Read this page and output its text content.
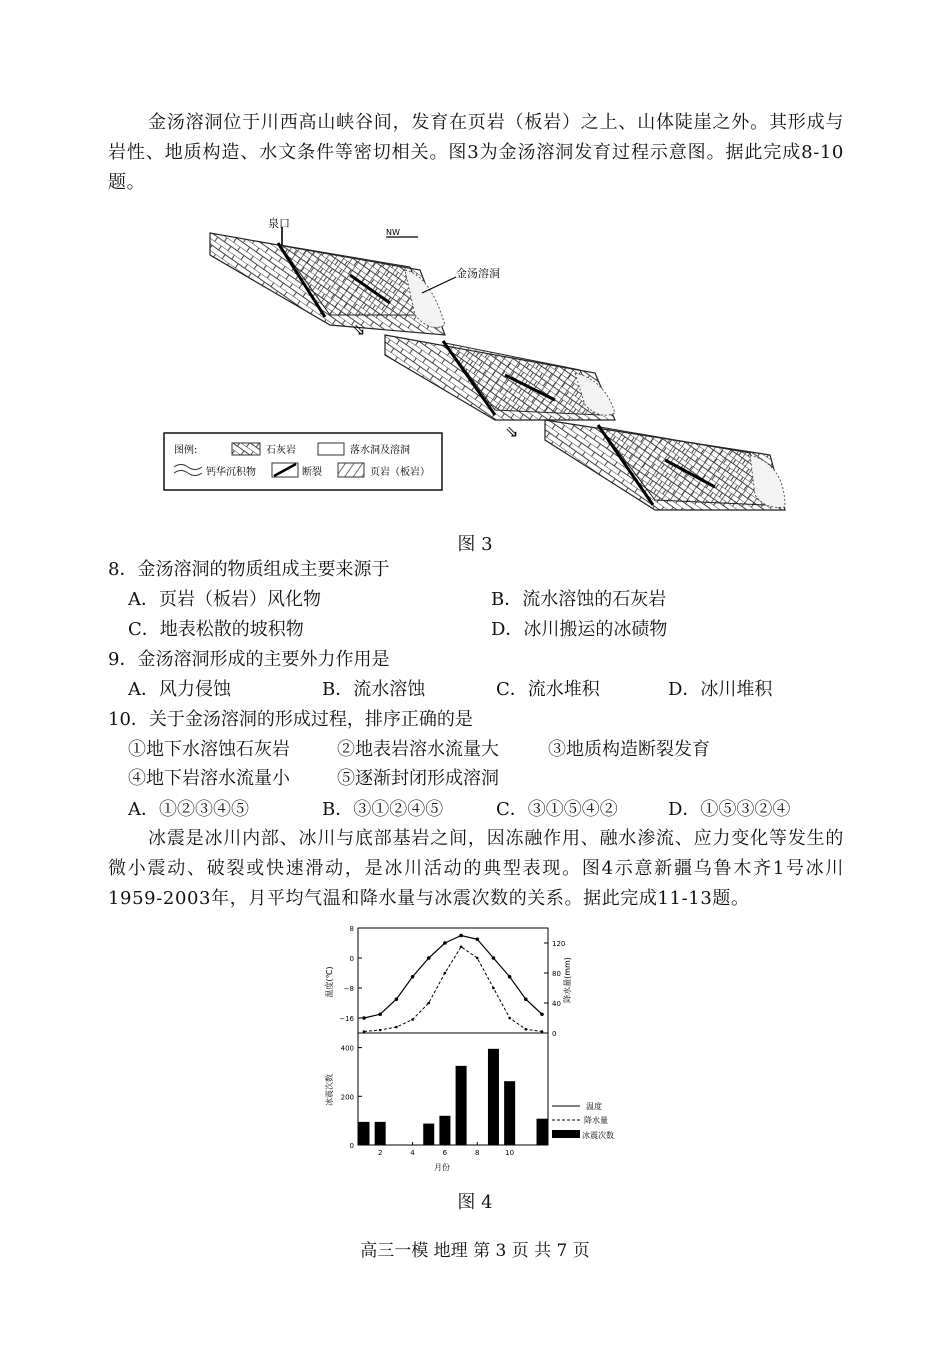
金汤溶洞位于川西高山峡谷间，发育在页岩（板岩）之上、山体陡崖之外。其形成与岩性、地质构造、水文条件等密切相关。图3为金汤溶洞发育过程示意图。据此完成8-10题。

泉口
NW
金汤溶洞
⇘
⇘
图例:	石灰岩	落水洞及溶洞
钙华沉积物	断裂	页岩（板岩）
图 3
8．金汤溶洞的物质组成主要来源于
A．页岩（板岩）风化物	B．流水溶蚀的石灰岩
C．地表松散的坡积物	D．冰川搬运的冰碛物
9．金汤溶洞形成的主要外力作用是
A．风力侵蚀	B．流水溶蚀	C．流水堆积	D．冰川堆积
10．关于金汤溶洞的形成过程，排序正确的是
①地下水溶蚀石灰岩	②地表岩溶水流量大	③地质构造断裂发育
④地下岩溶水流量小	⑤逐渐封闭形成溶洞
A．①②③④⑤	B．③①②④⑤	C．③①⑤④②	D．①⑤③②④

冰震是冰川内部、冰川与底部基岩之间，因冻融作用、融水渗流、应力变化等发生的微小震动、破裂或快速滑动，是冰川活动的典型表现。图4示意新疆乌鲁木齐1号冰川1959-2003年，月平均气温和降水量与冰震次数的关系。据此完成11-13题。

8
0
−8
−16
120
80
40
0
400
200
0
2	4	6	8	10
温度(℃)	降水量(mm)
冰震次数
月份
温度
降水量
冰震次数
图 4
高三一模 地理 第 3 页 共 7 页
